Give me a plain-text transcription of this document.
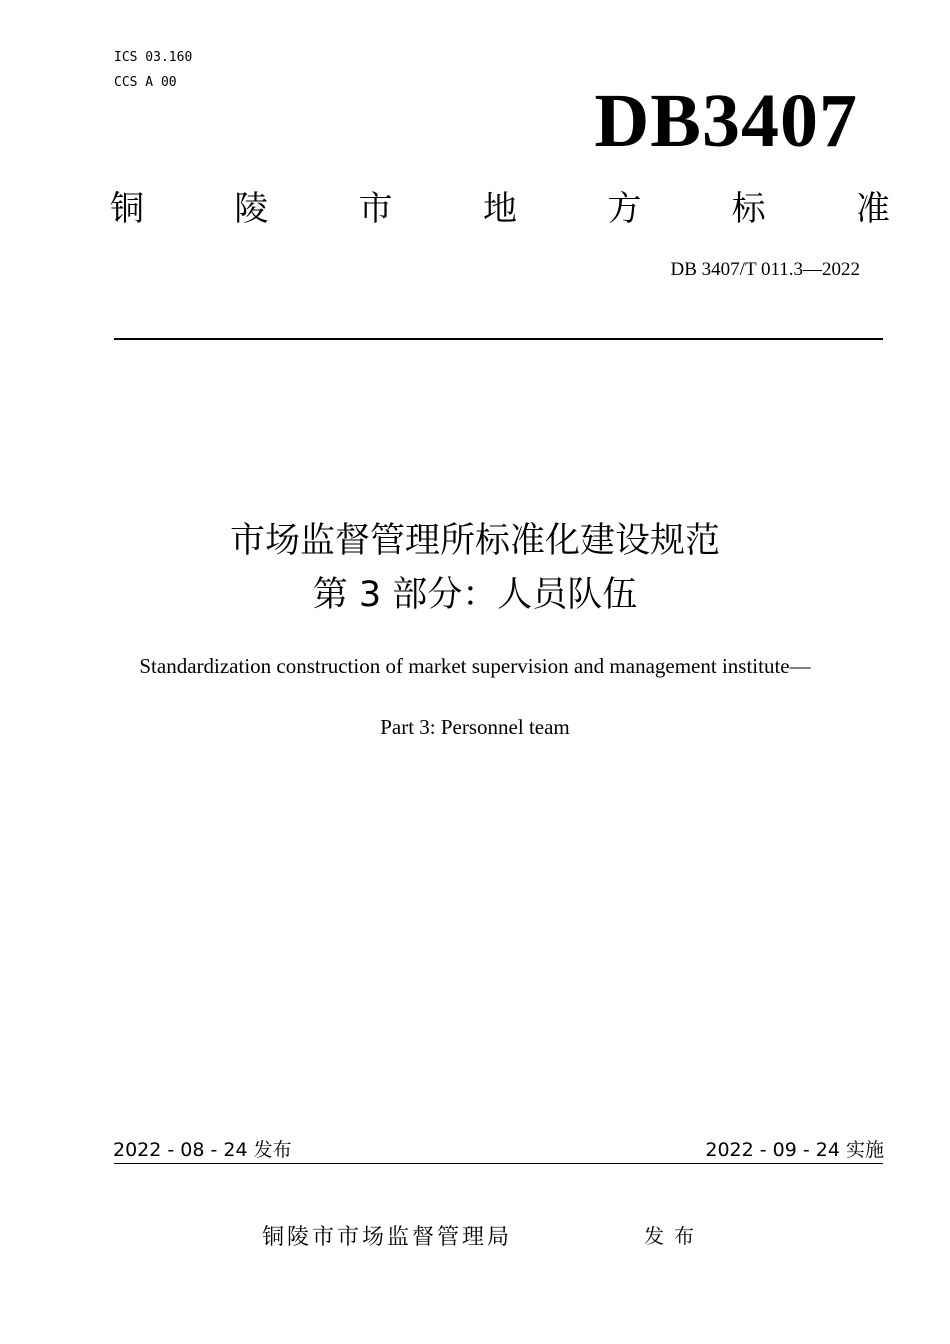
ICS 03.160
CCS A 00	DB3407
铜	陵	市	地	方	标	准
DB 3407/T 011.3—2022
市场监督管理所标准化建设规范
第 3 部分：人员队伍
Standardization construction of market supervision and management institute—
Part 3: Personnel team
2022 - 08 - 24 发布	2022 - 09 - 24 实施
铜陵市市场监督管理局	发布
